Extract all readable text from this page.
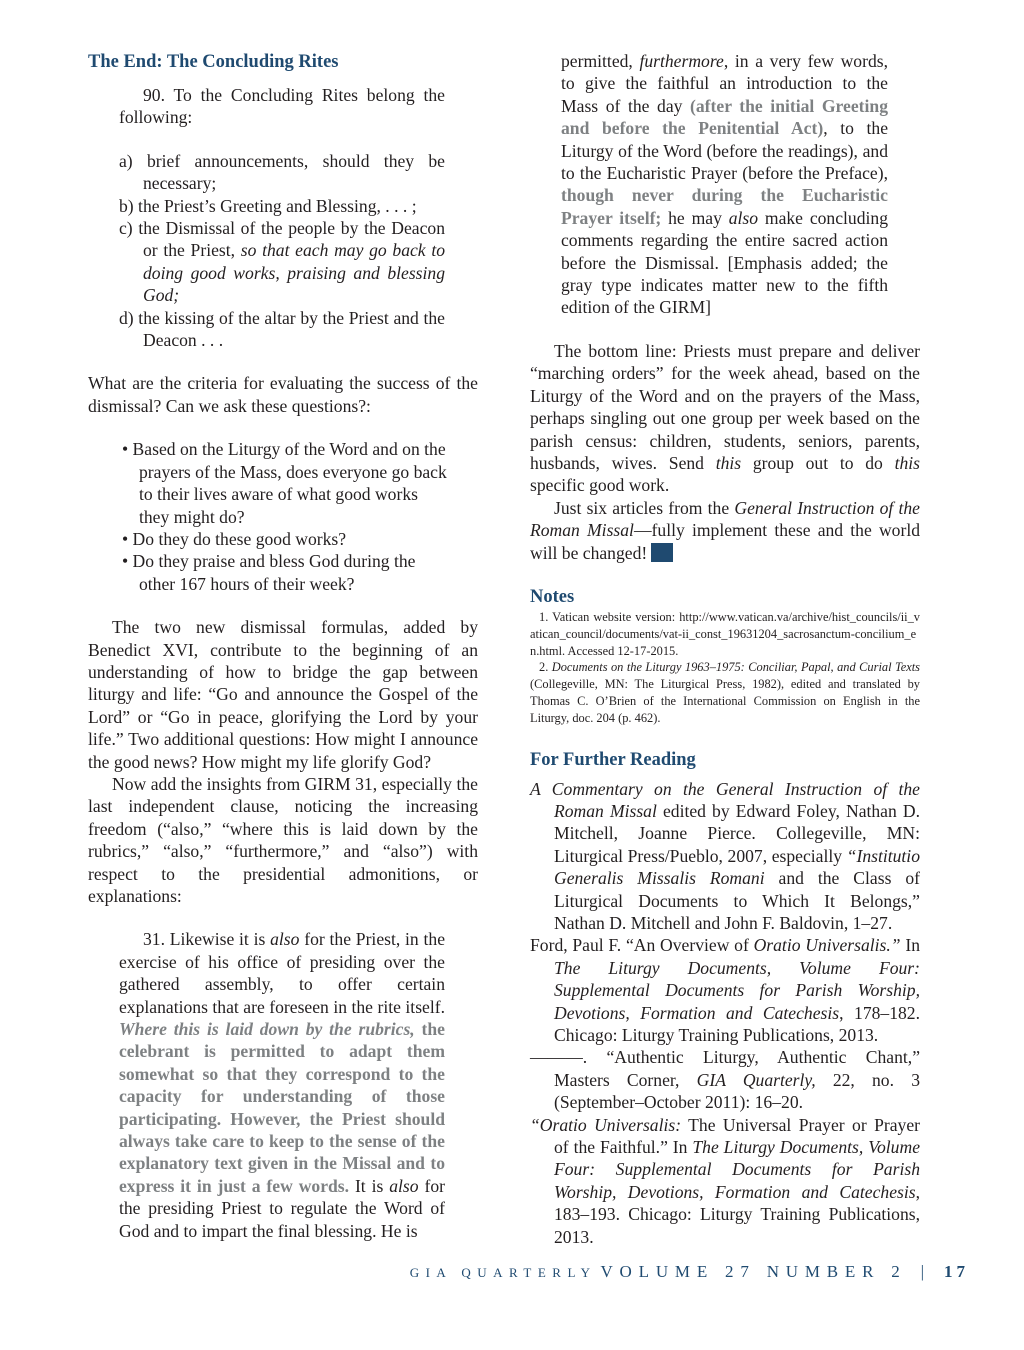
The End: The Concluding Rites

90. To the Concluding Rites belong the following:

a) brief announcements, should they be necessary;

b) the Priest’s Greeting and Blessing, . . . ;

c) the Dismissal of the people by the Deacon or the Priest, so that each may go back to doing good works, praising and blessing God;

d) the kissing of the altar by the Priest and the Deacon . . .

What are the criteria for evaluating the success of the dismissal? Can we ask these questions?:

• Based on the Liturgy of the Word and on the prayers of the Mass, does everyone go back to their lives aware of what good works they might do?

• Do they do these good works?

• Do they praise and bless God during the other 167 hours of their week?

The two new dismissal formulas, added by Benedict XVI, contribute to the beginning of an understanding of how to bridge the gap between liturgy and life: “Go and announce the Gospel of the Lord” or “Go in peace, glorifying the Lord by your life.” Two additional questions: How might I announce the good news? How might my life glorify God?

Now add the insights from GIRM 31, especially the last independent clause, noticing the increasing freedom (“also,” “where this is laid down by the rubrics,” “also,” “furthermore,” and “also”) with respect to the presidential admonitions, or explanations:

31. Likewise it is also for the Priest, in the exercise of his office of presiding over the gathered assembly, to offer certain explanations that are foreseen in the rite itself. Where this is laid down by the rubrics, the celebrant is permitted to adapt them somewhat so that they correspond to the capacity for understanding of those participating. However, the Priest should always take care to keep to the sense of the explanatory text given in the Missal and to express it in just a few words. It is also for the presiding Priest to regulate the Word of God and to impart the final blessing. He is

permitted, furthermore, in a very few words, to give the faithful an introduction to the Mass of the day (after the initial Greeting and before the Penitential Act), to the Liturgy of the Word (before the readings), and to the Eucharistic Prayer (before the Preface), though never during the Eucharistic Prayer itself; he may also make concluding comments regarding the entire sacred action before the Dismissal. [Emphasis added; the gray type indicates matter new to the fifth edition of the GIRM]

The bottom line: Priests must prepare and deliver “marching orders” for the week ahead, based on the Liturgy of the Word and on the prayers of the Mass, perhaps singling out one group per week based on the parish census: children, students, seniors, parents, husbands, wives. Send this group out to do this specific good work.

Just six articles from the General Instruction of the Roman Missal—fully implement these and the world will be changed!

Notes

1. Vatican website version: http://www.vatican.va/archive/hist_councils/ii_vatican_council/documents/vat-ii_const_19631204_sacrosanctum-concilium_en.html. Accessed 12-17-2015.

2. Documents on the Liturgy 1963–1975: Conciliar, Papal, and Curial Texts (Collegeville, MN: The Liturgical Press, 1982), edited and translated by Thomas C. O’Brien of the International Commission on English in the Liturgy, doc. 204 (p. 462).

For Further Reading

A Commentary on the General Instruction of the Roman Missal edited by Edward Foley, Nathan D. Mitchell, Joanne Pierce. Collegeville, MN: Liturgical Press/Pueblo, 2007, especially “Institutio Generalis Missalis Romani and the Class of Liturgical Documents to Which It Belongs,” Nathan D. Mitchell and John F. Baldovin, 1–27.

Ford, Paul F. “An Overview of Oratio Universalis.” In The Liturgy Documents, Volume Four: Supplemental Documents for Parish Worship, Devotions, Formation and Catechesis, 178–182. Chicago: Liturgy Training Publications, 2013.

———. “Authentic Liturgy, Authentic Chant,” Masters Corner, GIA Quarterly, 22, no. 3 (September–October 2011): 16–20.

“Oratio Universalis: The Universal Prayer or Prayer of the Faithful.” In The Liturgy Documents, Volume Four: Supplemental Documents for Parish Worship, Devotions, Formation and Catechesis, 183–193. Chicago: Liturgy Training Publications, 2013.

GIA QUARTERLY VOLUME 27 NUMBER 2 | 17
